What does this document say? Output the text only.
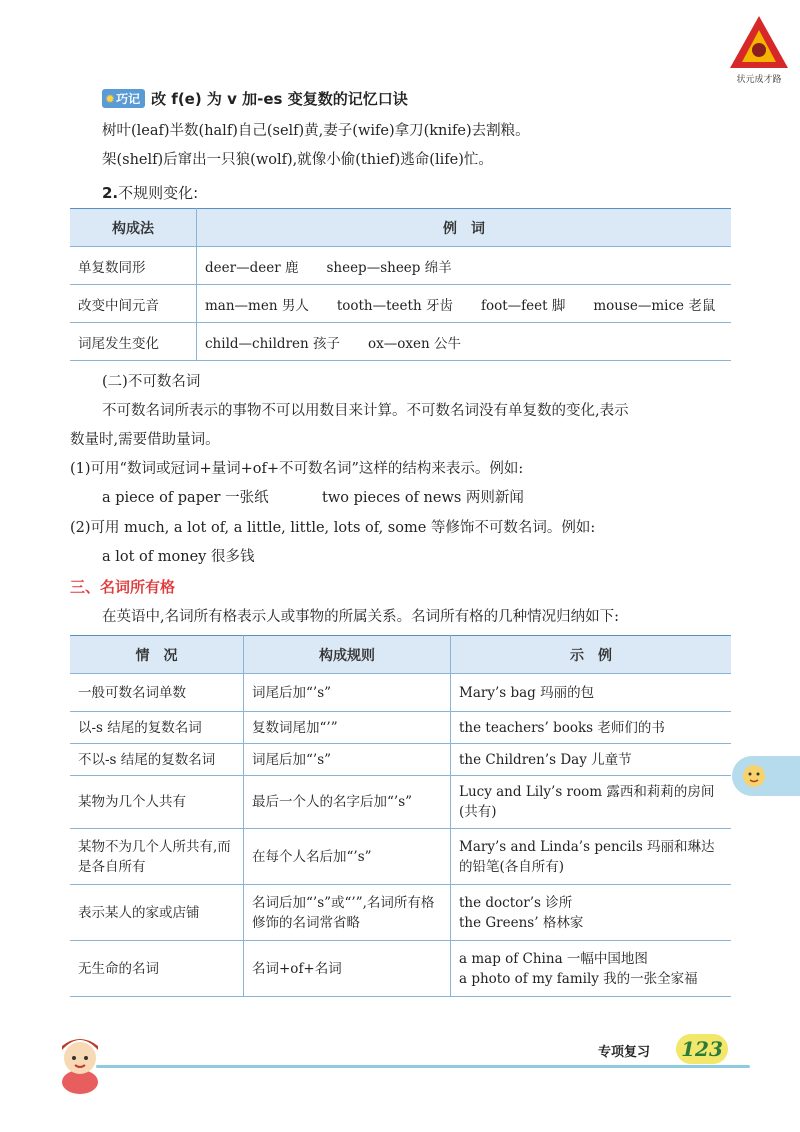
状元成才路
✹巧记 改 f(e) 为 v 加-es 变复数的记忆口诀
树叶(leaf)半数(half)自己(self)黄,妻子(wife)拿刀(knife)去割粮。
架(shelf)后窜出一只狼(wolf),就像小偷(thief)逃命(life)忙。
2.不规则变化:
构成法	例　词
单复数同形	deer—deer 鹿 sheep—sheep 绵羊
改变中间元音	man—men 男人 tooth—teeth 牙齿 foot—feet 脚 mouse—mice 老鼠
词尾发生变化	child—children 孩子 ox—oxen 公牛
(二)不可数名词
不可数名词所表示的事物不可以用数目来计算。不可数名词没有单复数的变化,表示
数量时,需要借助量词。
(1)可用“数词或冠词+量词+of+不可数名词”这样的结构来表示。例如:
a piece of paper 一张纸	two pieces of news 两则新闻
(2)可用 much, a lot of, a little, little, lots of, some 等修饰不可数名词。例如:
a lot of money 很多钱
三、名词所有格
在英语中,名词所有格表示人或事物的所属关系。名词所有格的几种情况归纳如下:
情　况	构成规则	示　例
一般可数名词单数	词尾后加“’s”	Mary’s bag 玛丽的包
以-s 结尾的复数名词	复数词尾加“’”	the teachers’ books 老师们的书
不以-s 结尾的复数名词	词尾后加“’s”	the Children’s Day 儿童节
某物为几个人共有	最后一个人的名字后加“’s”	Lucy and Lily’s room 露西和莉莉的房间(共有)
某物不为几个人所共有,而是各自所有	在每个人名后加“’s”	Mary’s and Linda’s pencils 玛丽和琳达的铅笔(各自所有)
表示某人的家或店铺	名词后加“’s”或“’”,名词所有格修饰的名词常省略	the doctor’s 诊所
the Greens’ 格林家

无生命的名词	名词+of+名词	a map of China 一幅中国地图
a photo of my family 我的一张全家福
专项复习 123
